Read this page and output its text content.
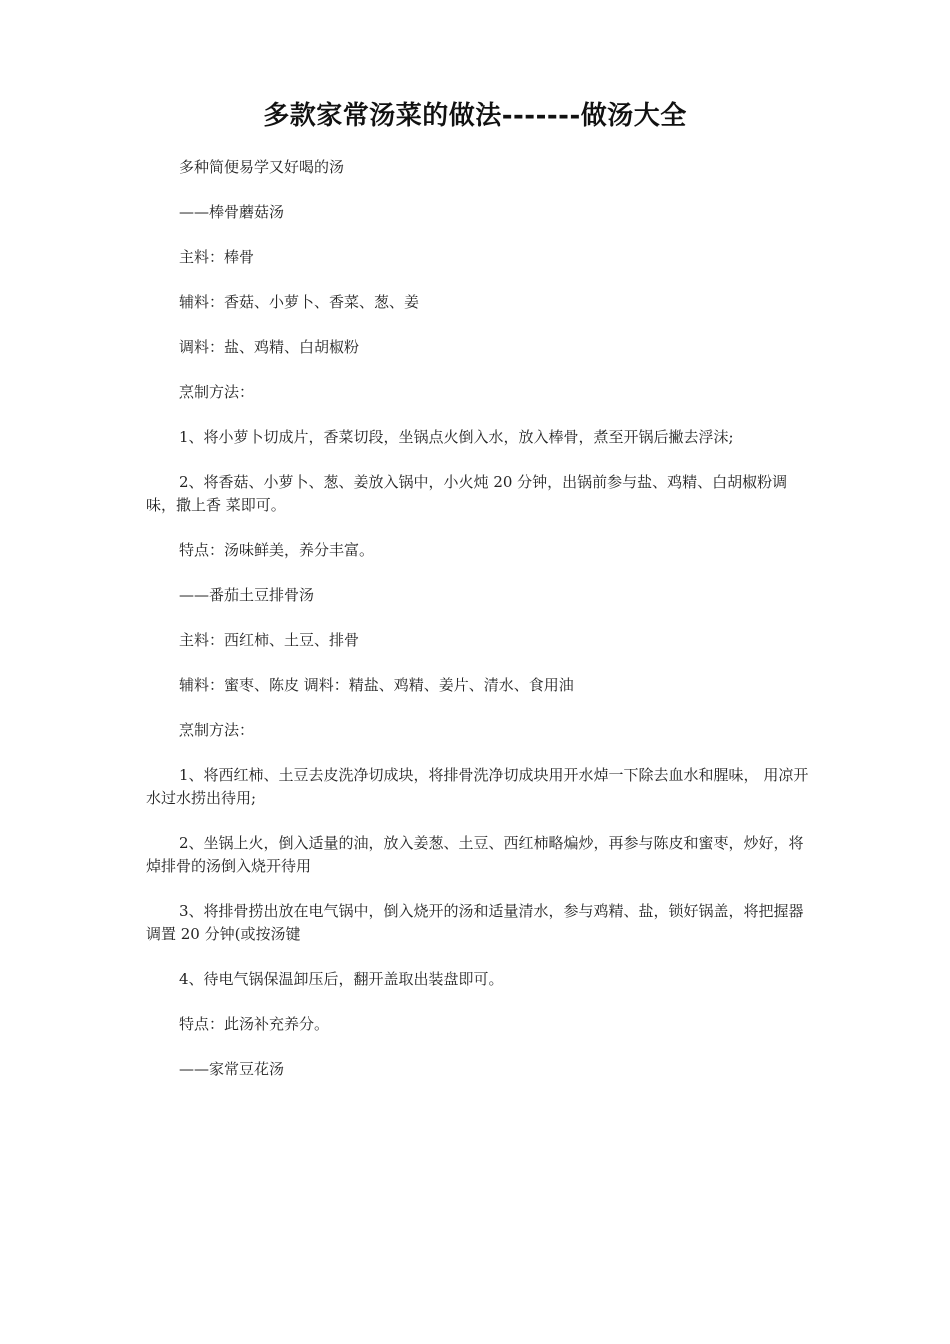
多款家常汤菜的做法-------做汤大全

多种简便易学又好喝的汤

——棒骨蘑菇汤

主料：棒骨

辅料：香菇、小萝卜、香菜、葱、姜

调料：盐、鸡精、白胡椒粉

烹制方法：

1、将小萝卜切成片，香菜切段，坐锅点火倒入水，放入棒骨，煮至开锅后撇去浮沫;

2、将香菇、小萝卜、葱、姜放入锅中，小火炖 20 分钟，出锅前参与盐、鸡精、白胡椒粉调味，撒上香 菜即可。

特点：汤味鲜美，养分丰富。

——番茄土豆排骨汤

主料：西红柿、土豆、排骨

辅料：蜜枣、陈皮 调料：精盐、鸡精、姜片、清水、食用油

烹制方法：

1、将西红柿、土豆去皮洗净切成块，将排骨洗净切成块用开水焯一下除去血水和腥味， 用凉开水过水捞出待用;

2、坐锅上火，倒入适量的油，放入姜葱、土豆、西红柿略煸炒，再参与陈皮和蜜枣，炒好，将焯排骨的汤倒入烧开待用

3、将排骨捞出放在电气锅中，倒入烧开的汤和适量清水，参与鸡精、盐，锁好锅盖，将把握器调置 20 分钟(或按汤键

4、待电气锅保温卸压后，翻开盖取出装盘即可。

特点：此汤补充养分。

——家常豆花汤
